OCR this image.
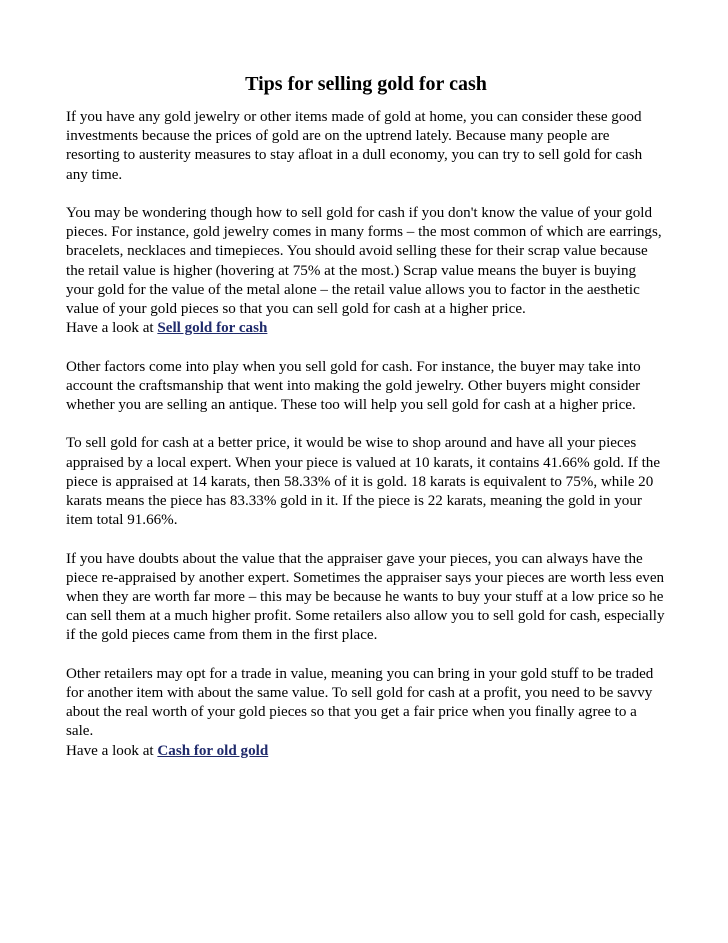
Tips for selling gold for cash

If you have any gold jewelry or other items made of gold at home, you can consider these good investments because the prices of gold are on the uptrend lately. Because many people are resorting to austerity measures to stay afloat in a dull economy, you can try to sell gold for cash any time.

You may be wondering though how to sell gold for cash if you don't know the value of your gold pieces. For instance, gold jewelry comes in many forms – the most common of which are earrings, bracelets, necklaces and timepieces. You should avoid selling these for their scrap value because the retail value is higher (hovering at 75% at the most.) Scrap value means the buyer is buying your gold for the value of the metal alone – the retail value allows you to factor in the aesthetic value of your gold pieces so that you can sell gold for cash at a higher price.
Have a look at Sell gold for cash

Other factors come into play when you sell gold for cash. For instance, the buyer may take into account the craftsmanship that went into making the gold jewelry. Other buyers might consider whether you are selling an antique. These too will help you sell gold for cash at a higher price.

To sell gold for cash at a better price, it would be wise to shop around and have all your pieces appraised by a local expert. When your piece is valued at 10 karats, it contains 41.66% gold. If the piece is appraised at 14 karats, then 58.33% of it is gold. 18 karats is equivalent to 75%, while 20 karats means the piece has 83.33% gold in it. If the piece is 22 karats, meaning the gold in your item total 91.66%.

If you have doubts about the value that the appraiser gave your pieces, you can always have the piece re-appraised by another expert. Sometimes the appraiser says your pieces are worth less even when they are worth far more – this may be because he wants to buy your stuff at a low price so he can sell them at a much higher profit. Some retailers also allow you to sell gold for cash, especially if the gold pieces came from them in the first place.

Other retailers may opt for a trade in value, meaning you can bring in your gold stuff to be traded for another item with about the same value. To sell gold for cash at a profit, you need to be savvy about the real worth of your gold pieces so that you get a fair price when you finally agree to a sale.
Have a look at Cash for old gold
